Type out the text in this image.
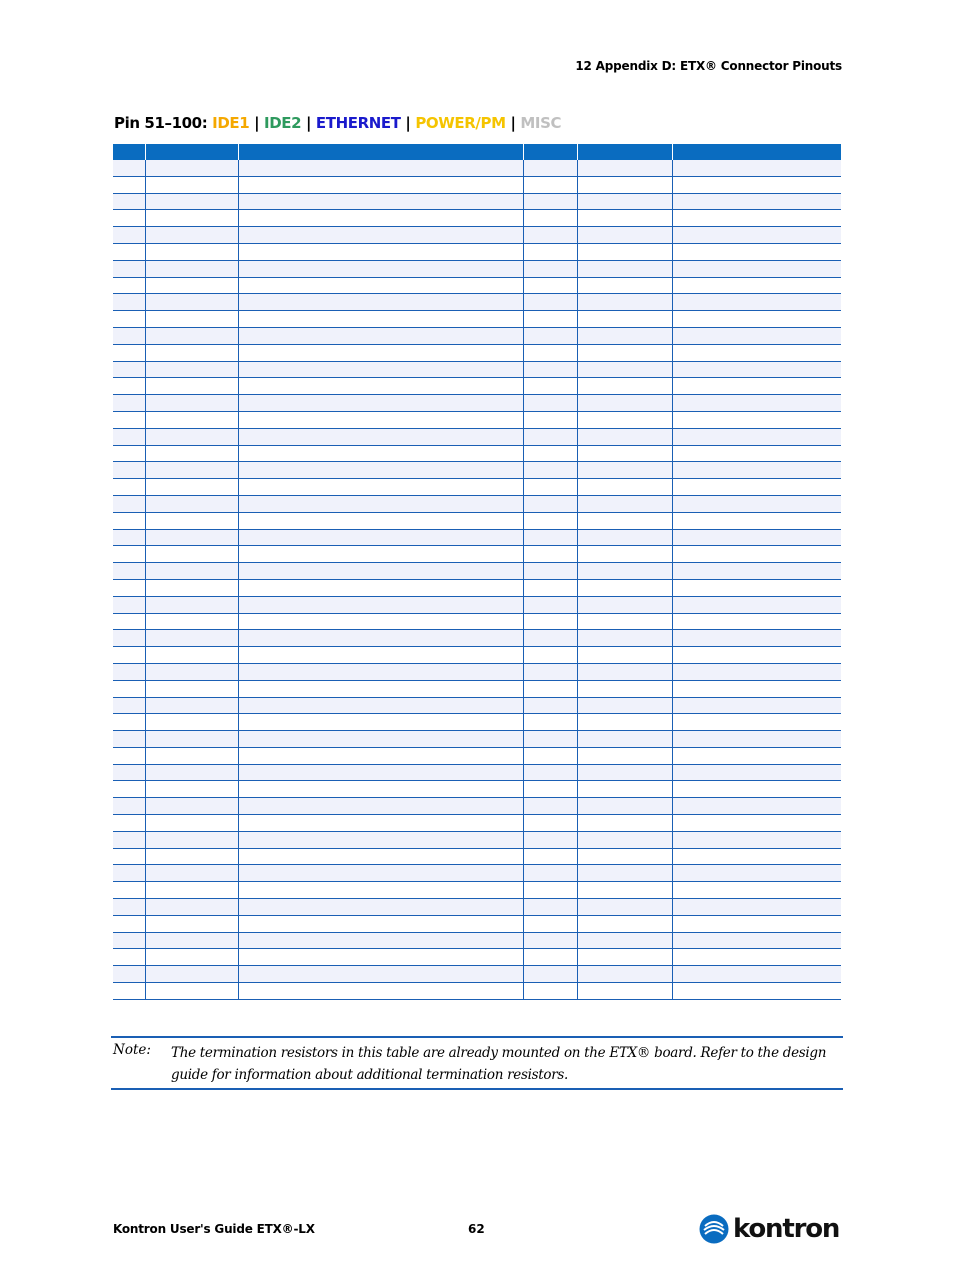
12 Appendix D: ETX® Connector Pinouts
Pin 51–100: IDE1 | IDE2 | ETHERNET | POWER/PM | MISC

Note: The termination resistors in this table are already mounted on the ETX® board. Refer to the design guide for information about additional termination resistors.
Kontron User's Guide ETX®-LX	62	kontron
